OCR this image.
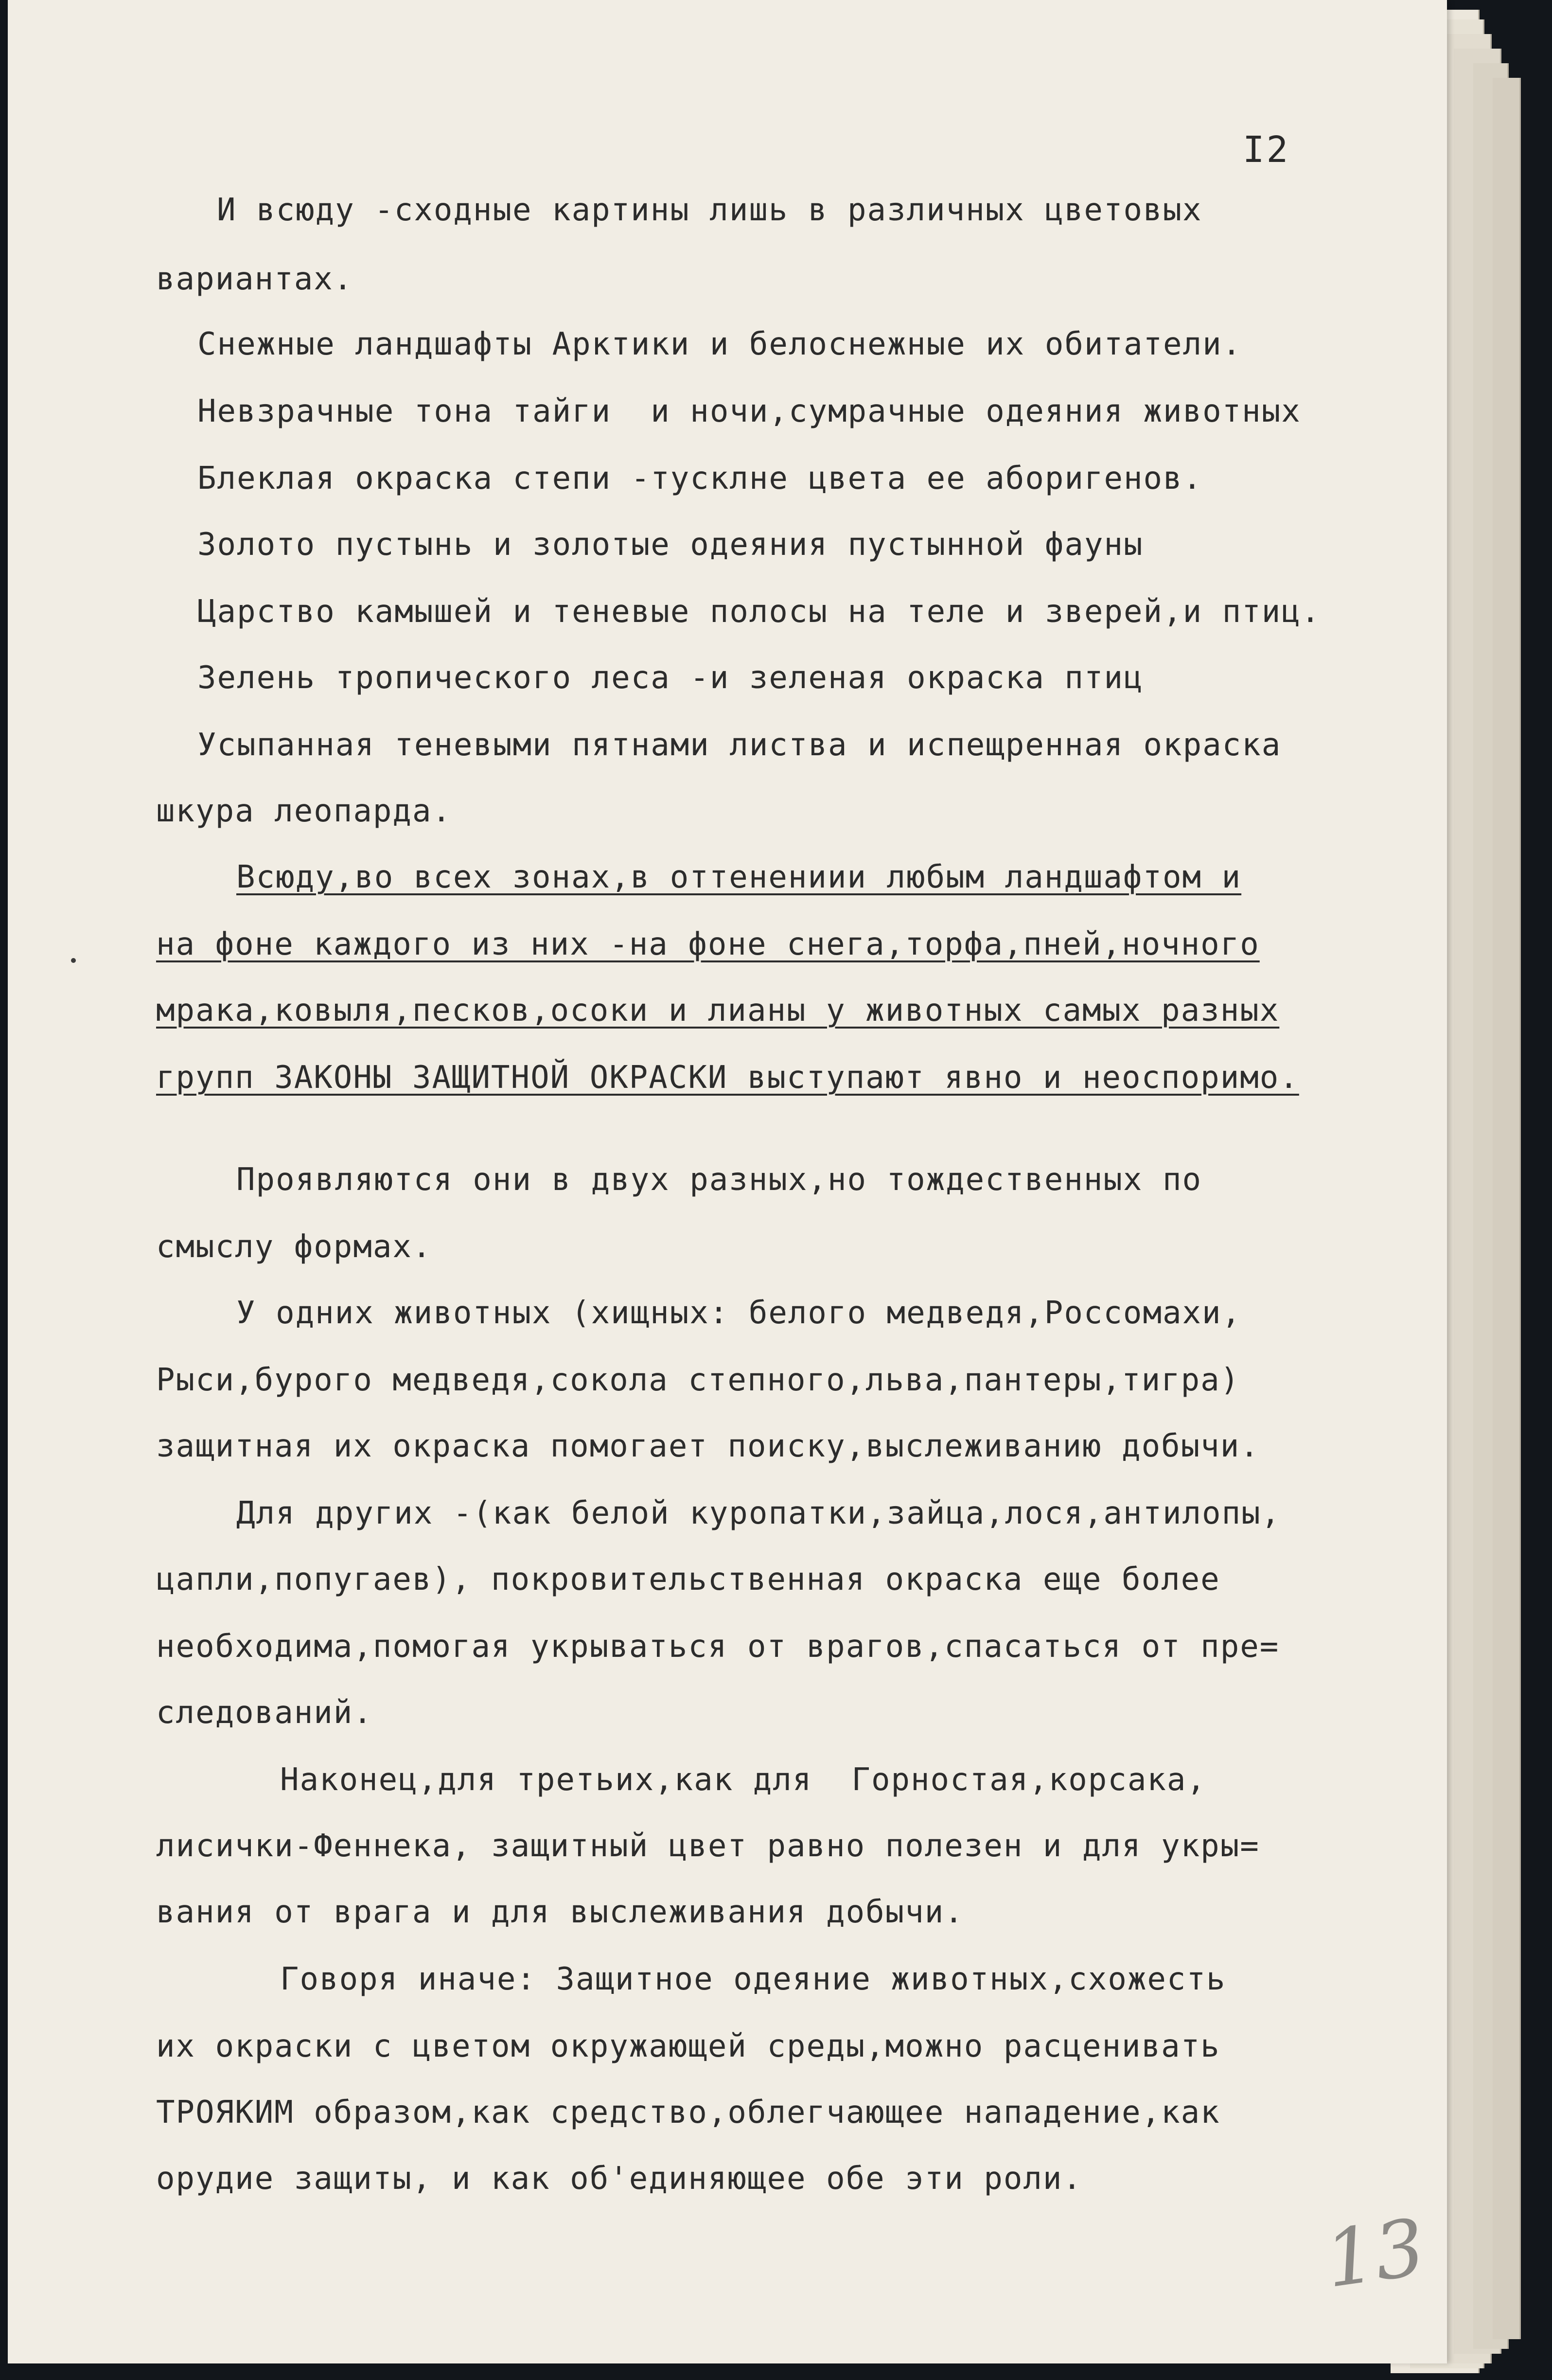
I2
И всюду -сходные картины лишь в различных цветовых
вариантах.
Снежные ландшафты Арктики и белоснежные их обитатели.
Невзрачные тона тайги  и ночи,сумрачные одеяния животных
Блеклая окраска степи -тусклне цвета ее аборигенов.
Золото пустынь и золотые одеяния пустынной фауны
Царство камышей и теневые полосы на теле и зверей,и птиц.
Зелень тропического леса -и зеленая окраска птиц
Усыпанная теневыми пятнами листва и испещренная окраска
шкура леопарда.
Всюду,во всех зонах,в оттенениии любым ландшафтом и
на фоне каждого из них -на фоне снега,торфа,пней,ночного
мрака,ковыля,песков,осоки и лианы у животных самых разных
групп ЗАКОНЫ ЗАЩИТНОЙ ОКРАСКИ выступают явно и неоспоримо.
Проявляются они в двух разных,но тождественных по
смыслу формах.
У одних животных (хищных: белого медведя,Россомахи,
Рыси,бурого медведя,сокола степного,льва,пантеры,тигра)
защитная их окраска помогает поиску,выслеживанию добычи.
Для других -(как белой куропатки,зайца,лося,антилопы,
цапли,попугаев), покровительственная окраска еще более
необходима,помогая укрываться от врагов,спасаться от пре=
следований.
Наконец,для третьих,как для  Горностая,корсака,
лисички-Феннека, защитный цвет равно полезен и для укры=
вания от врага и для выслеживания добычи.
Говоря иначе: Защитное одеяние животных,схожесть
их окраски с цветом окружающей среды,можно расценивать
ТРОЯКИМ образом,как средство,облегчающее нападение,как
орудие защиты, и как об'единяющее обе эти роли.
13
